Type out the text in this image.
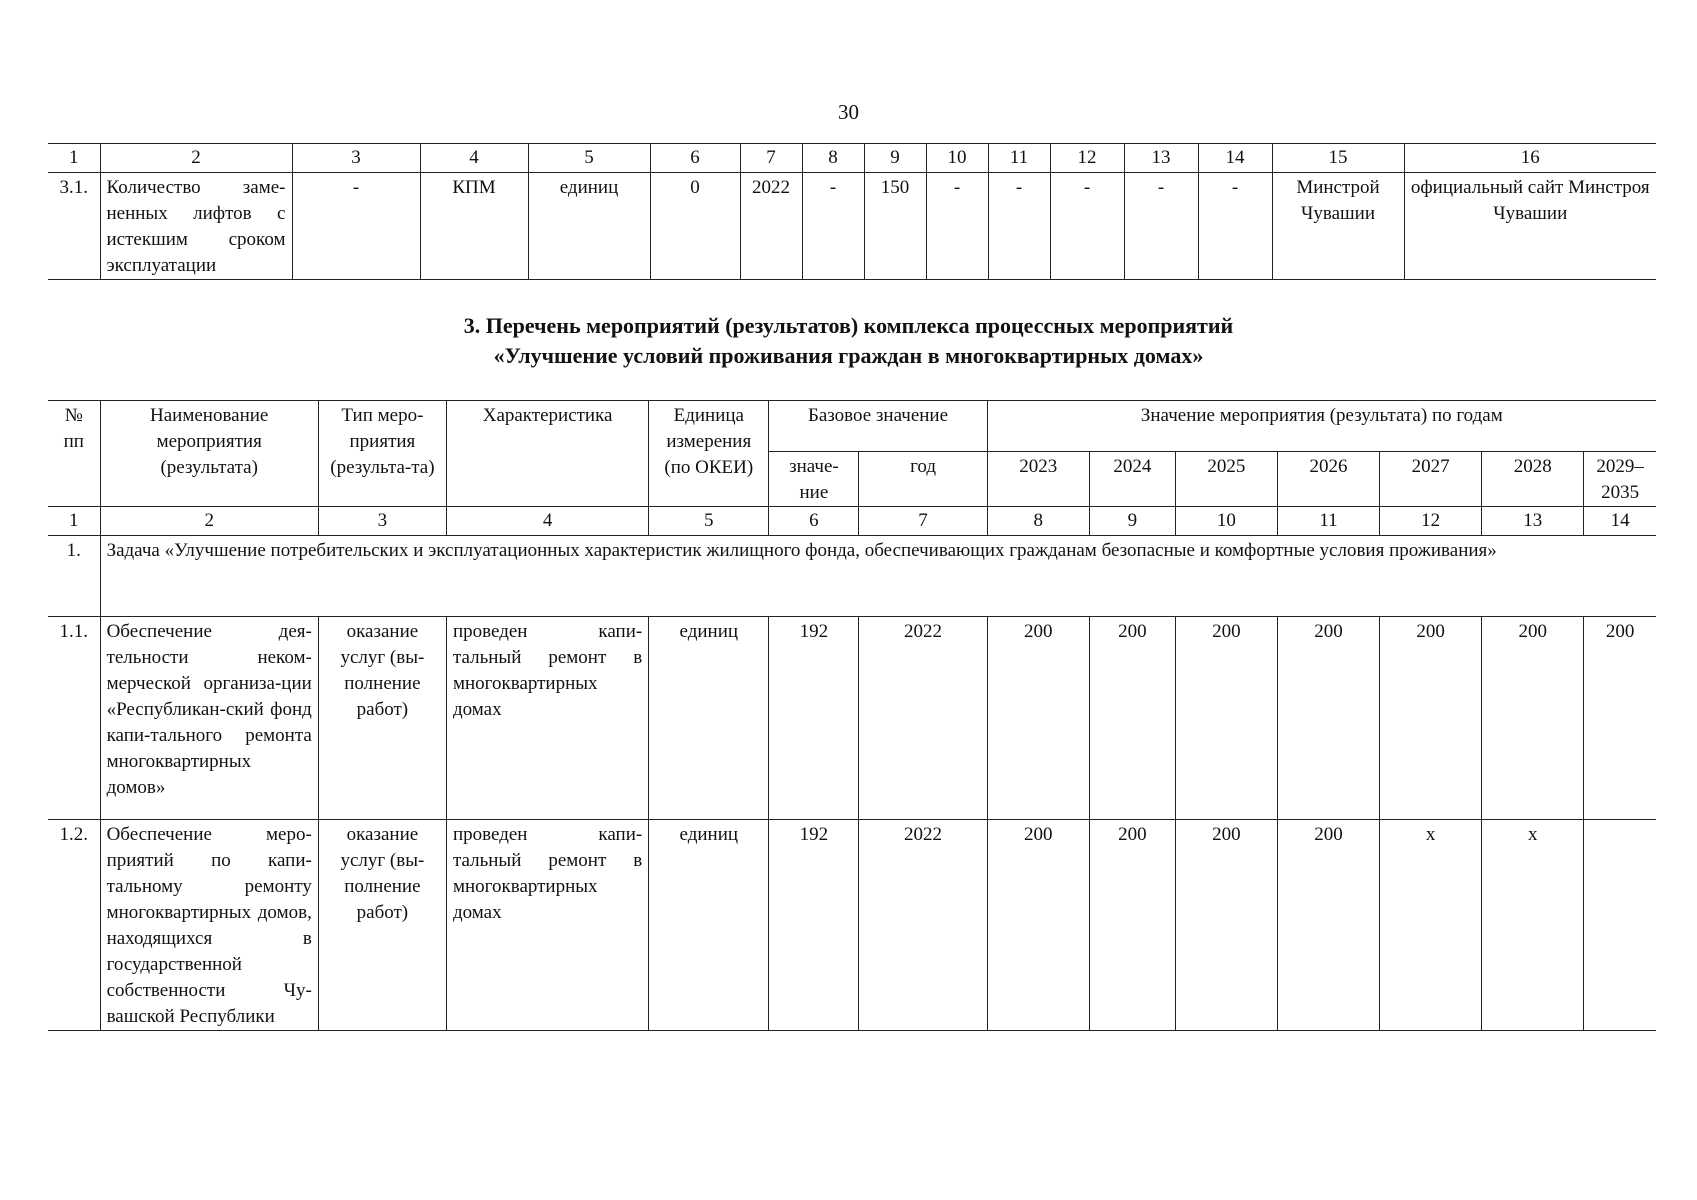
30
1	2	3	4	5	6	7	8	9	10	11	12	13	14	15	16
3.1.	Количество заме-ненных лифтов с истекшим сроком эксплуатации	-	КПМ	единиц	0	2022	-	150	-	-	-	-	-	Минстрой Чувашии	официальный сайт Минстроя Чувашии
3. Перечень мероприятий (результатов) комплекса процессных мероприятий
«Улучшение условий проживания граждан в многоквартирных домах»
№ пп	Наименование мероприятия (результата)	Тип меро-приятия (результа-та)	Характеристика	Единица измерения (по ОКЕИ)	Базовое значение		Значение мероприятия (результата) по годам						
					значе-ние	год	2023	2024	2025	2026	2027	2028	2029–2035
1	2	3	4	5	6	7	8	9	10	11	12	13	14
1.	Задача «Улучшение потребительских и эксплуатационных характеристик жилищного фонда, обеспечивающих гражданам безопасные и комфортные условия проживания»												
1.1.	Обеспечение дея-тельности неком-мерческой организа-ции «Республикан-ский фонд капи-тального ремонта многоквартирных домов»	оказание услуг (вы-полнение работ)	проведен капи-тальный ремонт в многоквартирных домах	единиц	192	2022	200	200	200	200	200	200	200
1.2.	Обеспечение меро-приятий по капи-тальному ремонту многоквартирных домов, находящихся в государственной собственности Чу-вашской Республики	оказание услуг (вы-полнение работ)	проведен капи-тальный ремонт в многоквартирных домах	единиц	192	2022	200	200	200	200	x	x	
